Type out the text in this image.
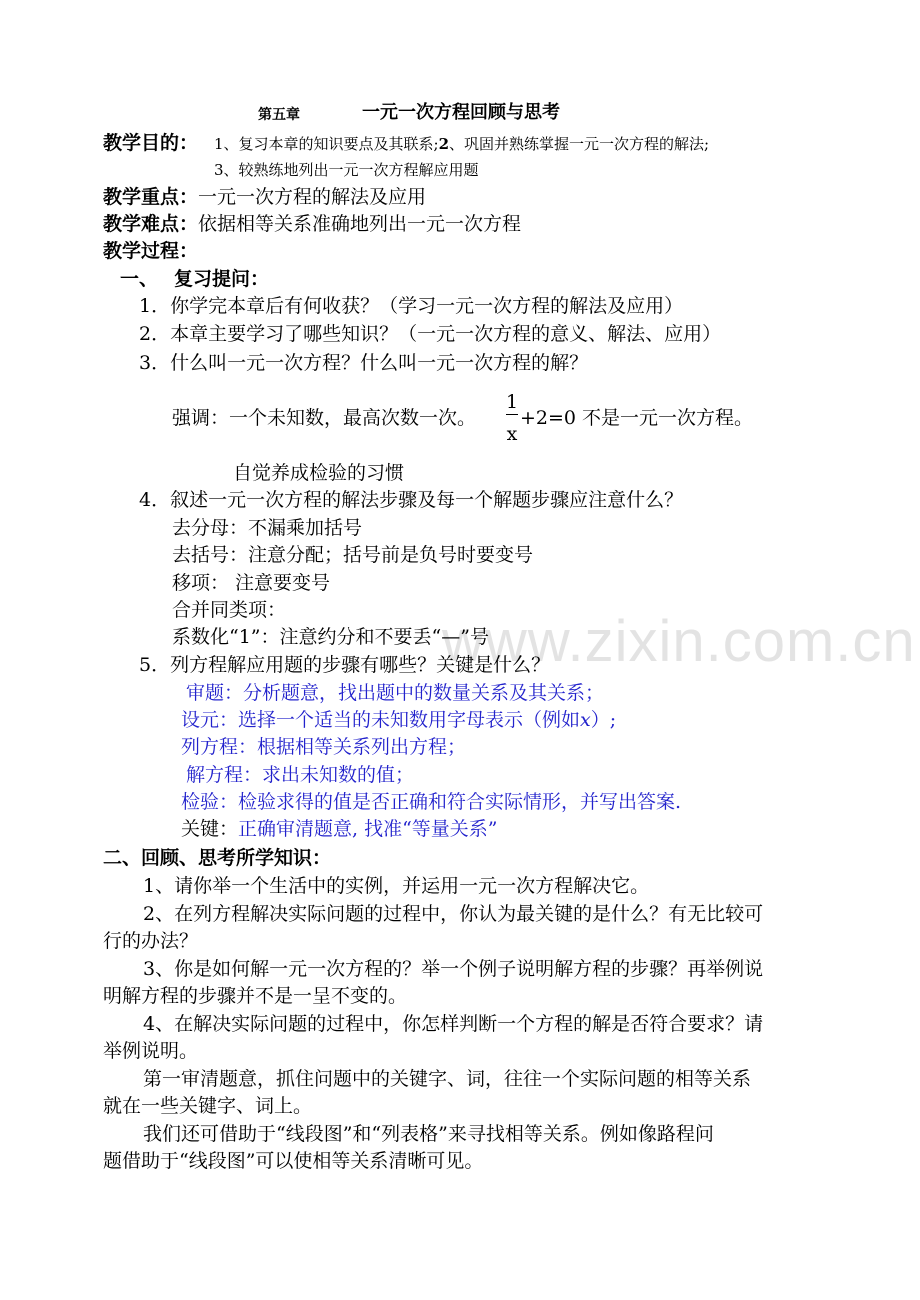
www.zixin.com.cn
第五章	一元一次方程回顾与思考
教学目的： 1、复习本章的知识要点及其联系;2、巩固并熟练掌握一元一次方程的解法;
3、较熟练地列出一元一次方程解应用题
教学重点：一元一次方程的解法及应用
教学难点：依据相等关系准确地列出一元一次方程
教学过程：
一、 复习提问：
1．你学完本章后有何收获？（学习一元一次方程的解法及应用）
2．本章主要学习了哪些知识？（一元一次方程的意义、解法、应用）
3．什么叫一元一次方程？什么叫一元一次方程的解？
强调：一个未知数，最高次数一次。
1
x
+2=0 不是一元一次方程。
自觉养成检验的习惯
4．叙述一元一次方程的解法步骤及每一个解题步骤应注意什么？
去分母：不漏乘加括号
去括号：注意分配；括号前是负号时要变号
移项： 注意要变号
合并同类项：
系数化“1”：注意约分和不要丢“—”号
5．列方程解应用题的步骤有哪些？关键是什么？
审题：分析题意，找出题中的数量关系及其关系；
设元：选择一个适当的未知数用字母表示（例如x）;
列方程：根据相等关系列出方程；
解方程：求出未知数的值；
检验：检验求得的值是否正确和符合实际情形，并写出答案.
关键：正确审清题意, 找准“等量关系”
二、回顾、思考所学知识：
1、请你举一个生活中的实例，并运用一元一次方程解决它。
2、在列方程解决实际问题的过程中，你认为最关键的是什么？有无比较可
行的办法？
3、你是如何解一元一次方程的？举一个例子说明解方程的步骤？再举例说
明解方程的步骤并不是一呈不变的。
4、在解决实际问题的过程中，你怎样判断一个方程的解是否符合要求？请
举例说明。
第一审清题意，抓住问题中的关键字、词，往往一个实际问题的相等关系
就在一些关键字、词上。
我们还可借助于“线段图”和“列表格”来寻找相等关系。例如像路程问
题借助于“线段图”可以使相等关系清晰可见。
